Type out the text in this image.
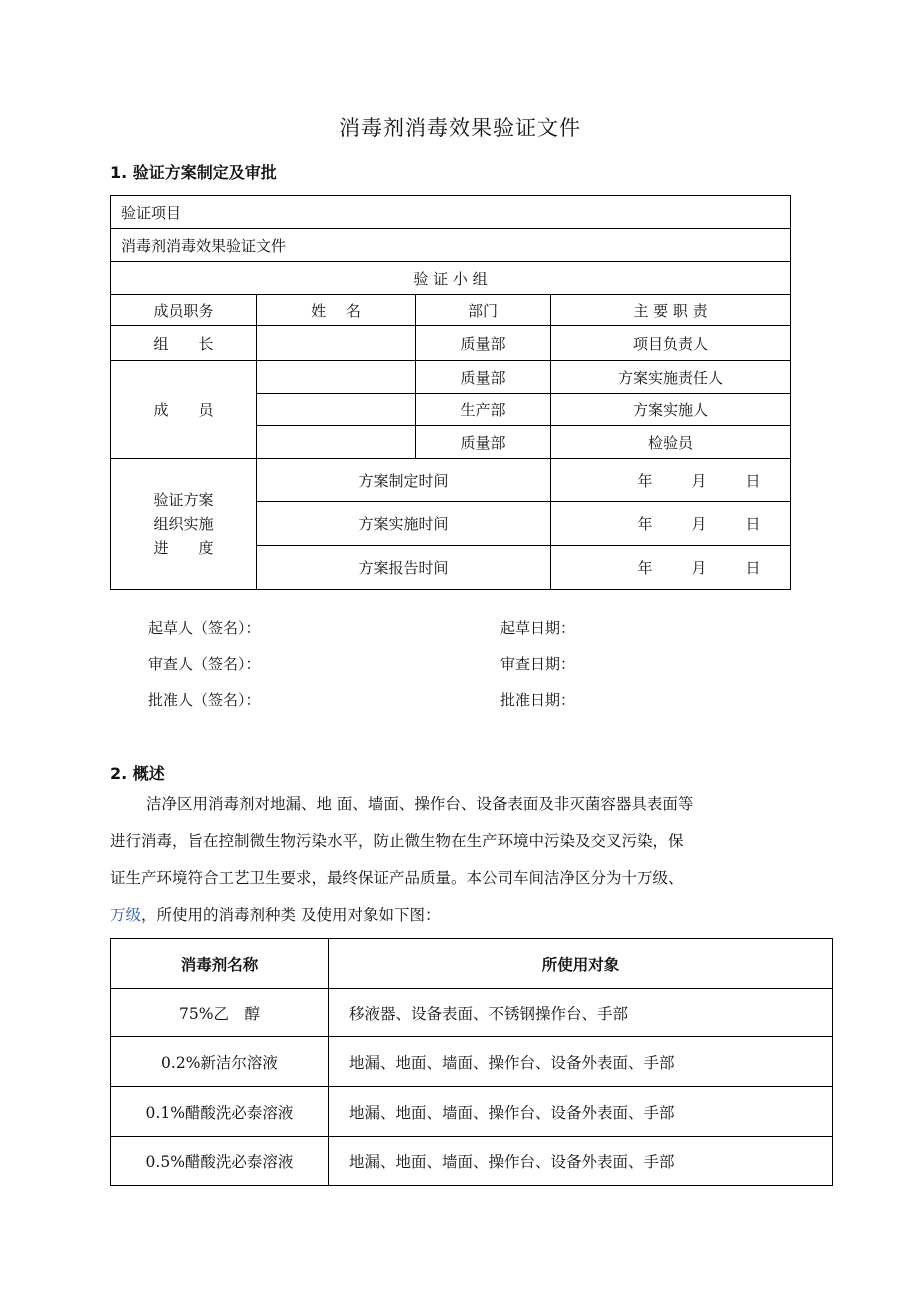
消毒剂消毒效果验证文件
1. 验证方案制定及审批
验证项目			
消毒剂消毒效果验证文件			
验 证 小 组			
成员职务	姓　 名	部门	主 要 职 责
组　　长		质量部	项目负责人
成　　员		质量部	方案实施责任人
		生产部	方案实施人
		质量部	检验员

验证方案
组织实施
进　　度	方案制定时间		年 月 日
	方案实施时间		年 月 日
	方案报告时间		年 月 日
起草人（签名）：	起草日期：
审查人（签名）：	审查日期：
批准人（签名）：	批准日期：
2. 概述
洁净区用消毒剂对地漏、地 面、墙面、操作台、设备表面及非灭菌容器具表面等
进行消毒，旨在控制微生物污染水平，防止微生物在生产环境中污染及交叉污染，保
证生产环境符合工艺卫生要求，最终保证产品质量。本公司车间洁净区分为十万级、
万级，所使用的消毒剂种类 及使用对象如下图：
消毒剂名称	所使用对象
75%乙　醇	移液器、设备表面、不锈钢操作台、手部
0.2%新洁尔溶液	地漏、地面、墙面、操作台、设备外表面、手部
0.1%醋酸洗必泰溶液	地漏、地面、墙面、操作台、设备外表面、手部
0.5%醋酸洗必泰溶液	地漏、地面、墙面、操作台、设备外表面、手部
